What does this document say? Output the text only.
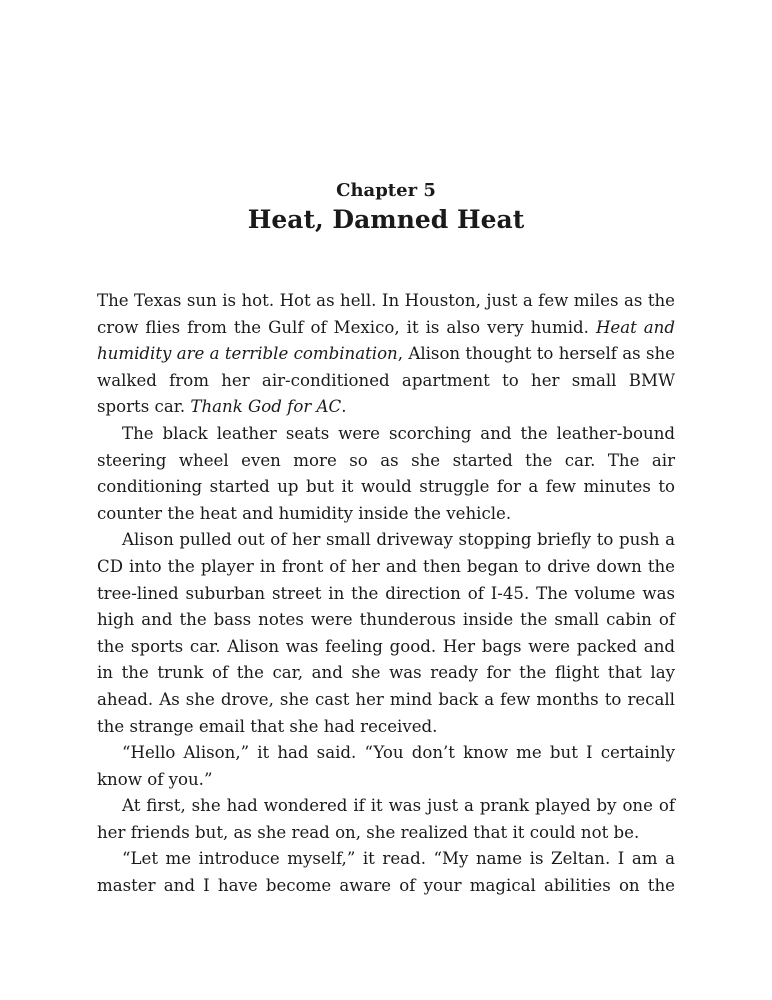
Chapter 5
Heat, Damned Heat

The Texas sun is hot. Hot as hell. In Houston, just a few miles as the crow flies from the Gulf of Mexico, it is also very humid. Heat and humidity are a terrible combination, Alison thought to herself as she walked from her air-conditioned apartment to her small BMW sports car. Thank God for AC.

The black leather seats were scorching and the leather-bound steering wheel even more so as she started the car. The air conditioning started up but it would struggle for a few minutes to counter the heat and humidity inside the vehicle.

Alison pulled out of her small driveway stopping briefly to push a CD into the player in front of her and then began to drive down the tree-lined suburban street in the direction of I-45. The volume was high and the bass notes were thunderous inside the small cabin of the sports car. Alison was feeling good. Her bags were packed and in the trunk of the car, and she was ready for the flight that lay ahead. As she drove, she cast her mind back a few months to recall the strange email that she had received.

“Hello Alison,” it had said. “You don’t know me but I certainly know of you.”

At first, she had wondered if it was just a prank played by one of her friends but, as she read on, she realized that it could not be.

“Let me introduce myself,” it read. “My name is Zeltan. I am a master and I have become aware of your magical abilities on the
